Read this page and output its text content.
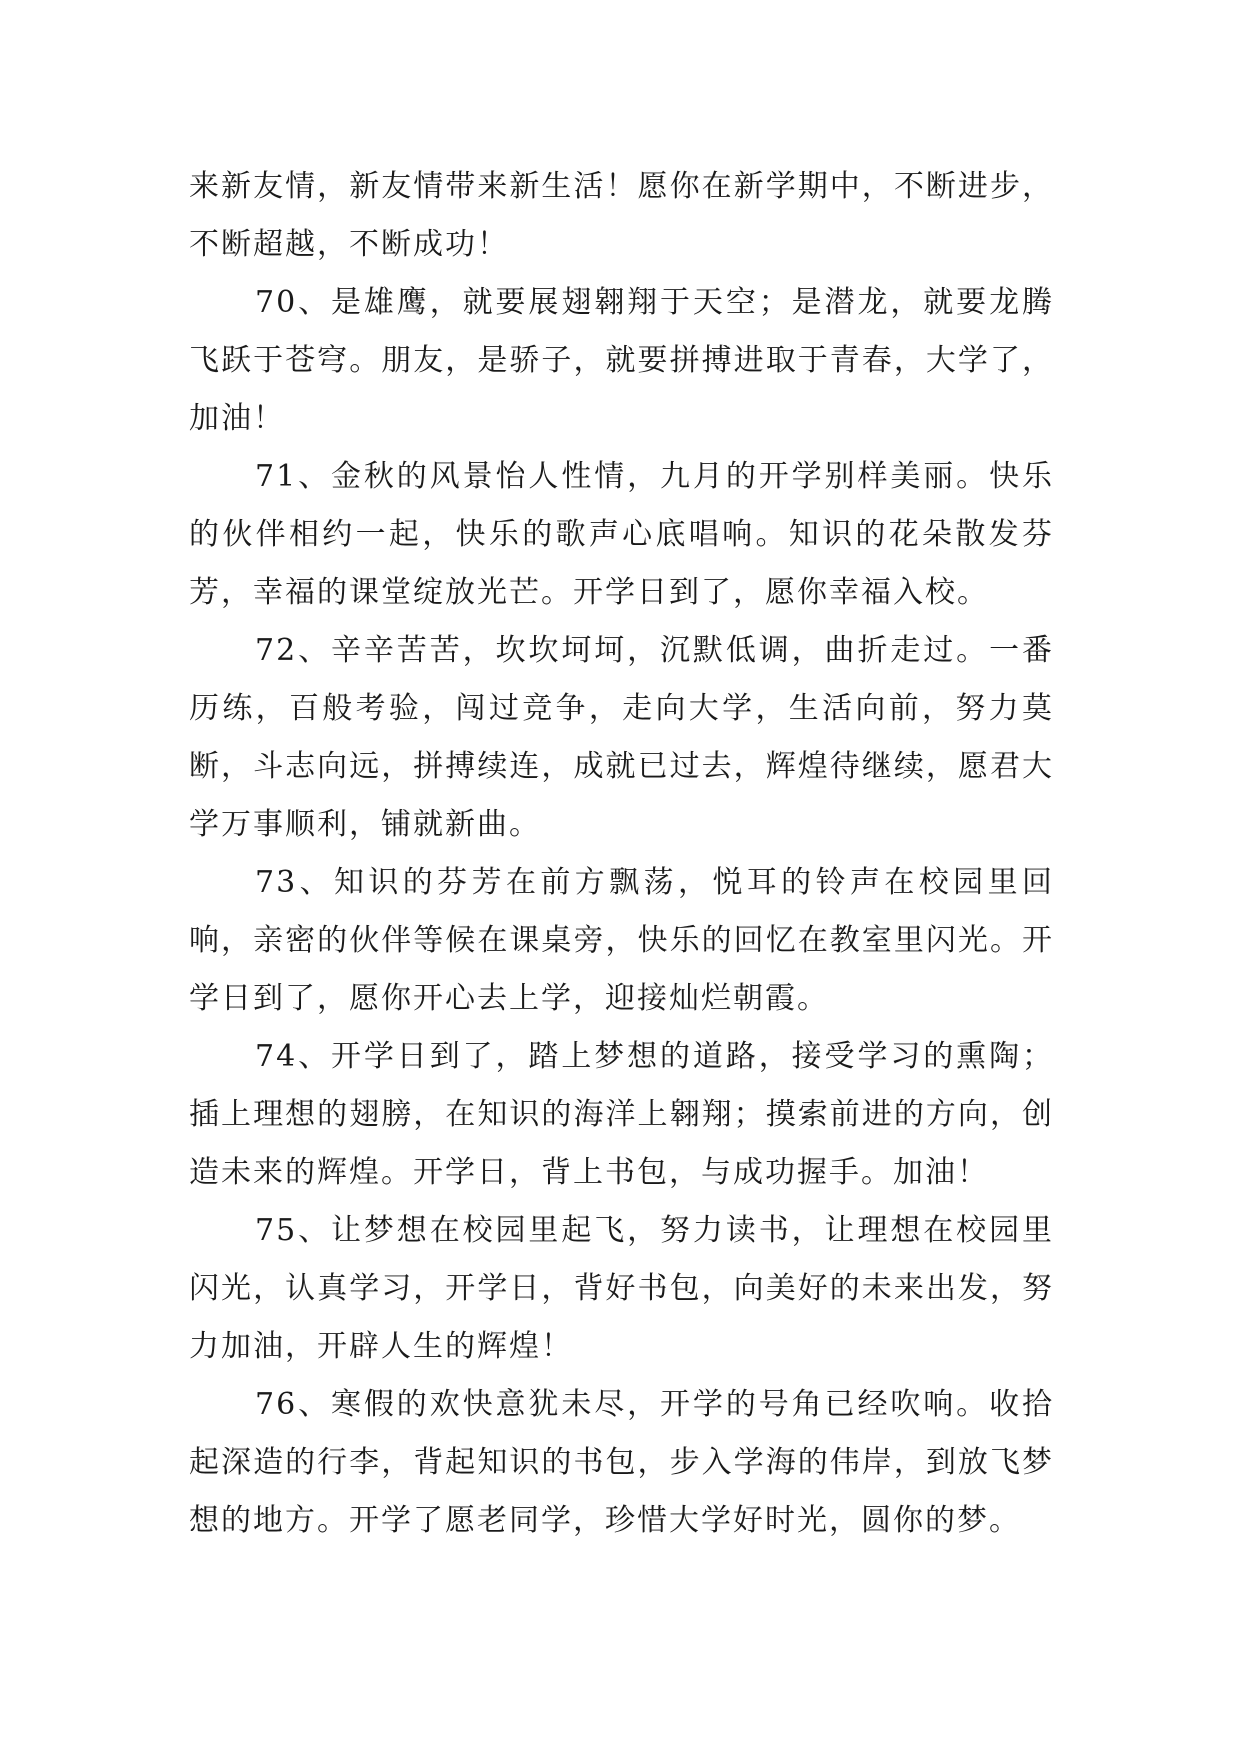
来新友情，新友情带来新生活！愿你在新学期中，不断进步，不断超越，不断成功！

70、是雄鹰，就要展翅翱翔于天空；是潜龙，就要龙腾飞跃于苍穹。朋友，是骄子，就要拼搏进取于青春，大学了，加油！

71、金秋的风景怡人性情，九月的开学别样美丽。快乐的伙伴相约一起，快乐的歌声心底唱响。知识的花朵散发芬芳，幸福的课堂绽放光芒。开学日到了，愿你幸福入校。

72、辛辛苦苦，坎坎坷坷，沉默低调，曲折走过。一番历练，百般考验，闯过竞争，走向大学，生活向前，努力莫断，斗志向远，拼搏续连，成就已过去，辉煌待继续，愿君大学万事顺利，铺就新曲。

73、知识的芬芳在前方飘荡，悦耳的铃声在校园里回响，亲密的伙伴等候在课桌旁，快乐的回忆在教室里闪光。开学日到了，愿你开心去上学，迎接灿烂朝霞。

74、开学日到了，踏上梦想的道路，接受学习的熏陶；插上理想的翅膀，在知识的海洋上翱翔；摸索前进的方向，创造未来的辉煌。开学日，背上书包，与成功握手。加油！

75、让梦想在校园里起飞，努力读书，让理想在校园里闪光，认真学习，开学日，背好书包，向美好的未来出发，努力加油，开辟人生的辉煌！

76、寒假的欢快意犹未尽，开学的号角已经吹响。收拾起深造的行李，背起知识的书包，步入学海的伟岸，到放飞梦想的地方。开学了愿老同学，珍惜大学好时光，圆你的梦。
